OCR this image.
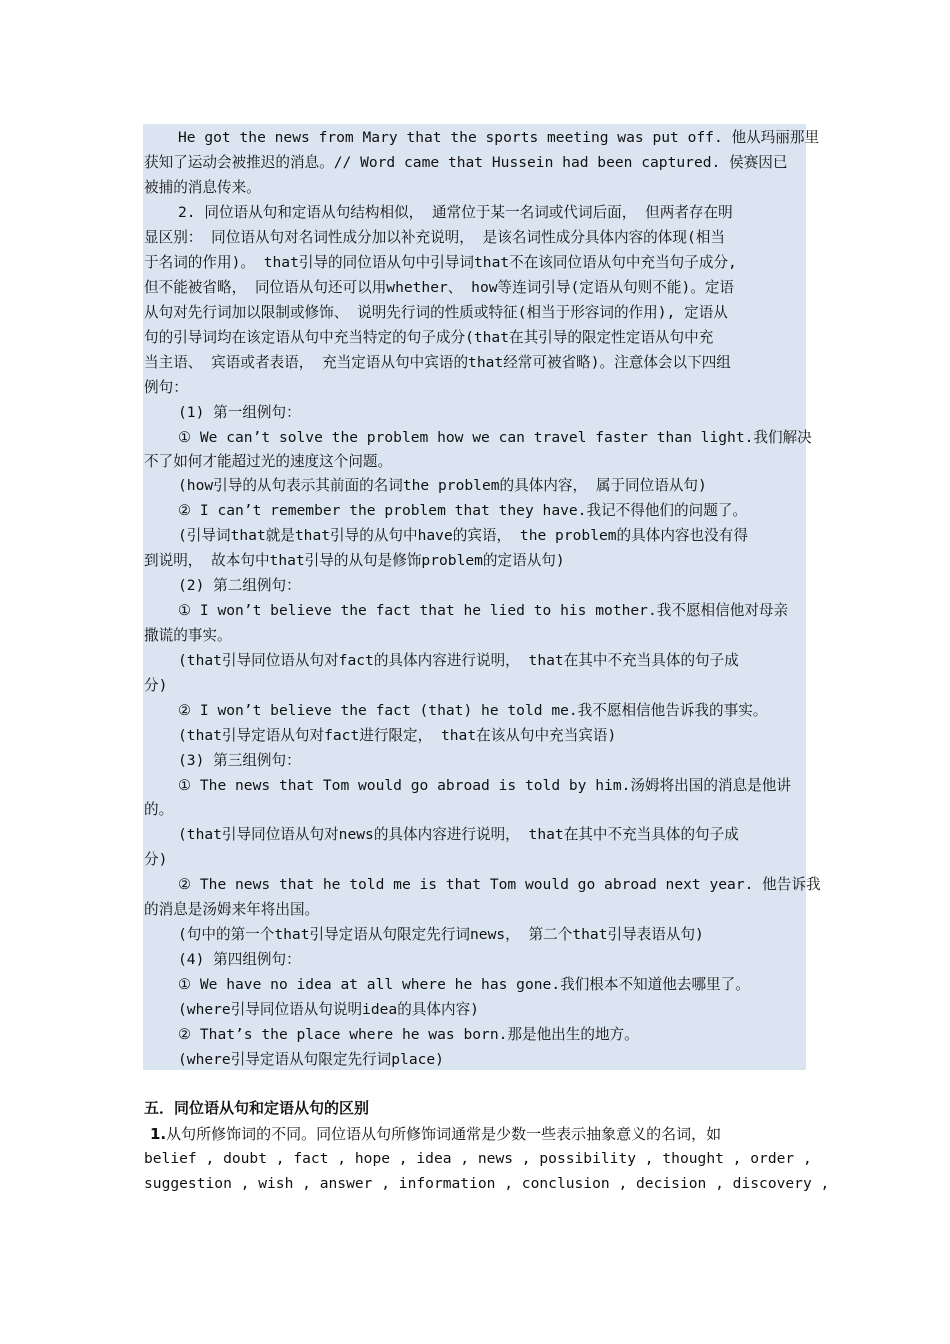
He got the news from Mary that the sports meeting was put off. 他从玛丽那里
获知了运动会被推迟的消息。// Word came that Hussein had been captured. 侯赛因已
被捕的消息传来。
2. 同位语从句和定语从句结构相似， 通常位于某一名词或代词后面， 但两者存在明
显区别： 同位语从句对名词性成分加以补充说明， 是该名词性成分具体内容的体现(相当
于名词的作用)。 that引导的同位语从句中引导词that不在该同位语从句中充当句子成分,
但不能被省略， 同位语从句还可以用whether、 how等连词引导(定语从句则不能)。定语
从句对先行词加以限制或修饰、 说明先行词的性质或特征(相当于形容词的作用), 定语从
句的引导词均在该定语从句中充当特定的句子成分(that在其引导的限定性定语从句中充
当主语、 宾语或者表语， 充当定语从句中宾语的that经常可被省略)。注意体会以下四组
例句：
(1) 第一组例句：
① We can’t solve the problem how we can travel faster than light.我们解决
不了如何才能超过光的速度这个问题。
(how引导的从句表示其前面的名词the problem的具体内容， 属于同位语从句)
② I can’t remember the problem that they have.我记不得他们的问题了。
(引导词that就是that引导的从句中have的宾语， the problem的具体内容也没有得
到说明， 故本句中that引导的从句是修饰problem的定语从句)
(2) 第二组例句：
① I won’t believe the fact that he lied to his mother.我不愿相信他对母亲
撒谎的事实。
(that引导同位语从句对fact的具体内容进行说明， that在其中不充当具体的句子成
分)
② I won’t believe the fact (that) he told me.我不愿相信他告诉我的事实。
(that引导定语从句对fact进行限定， that在该从句中充当宾语)
(3) 第三组例句：
① The news that Tom would go abroad is told by him.汤姆将出国的消息是他讲
的。
(that引导同位语从句对news的具体内容进行说明， that在其中不充当具体的句子成
分)
② The news that he told me is that Tom would go abroad next year. 他告诉我
的消息是汤姆来年将出国。
(句中的第一个that引导定语从句限定先行词news， 第二个that引导表语从句)
(4) 第四组例句：
① We have no idea at all where he has gone.我们根本不知道他去哪里了。
(where引导同位语从句说明idea的具体内容)
② That’s the place where he was born.那是他出生的地方。
(where引导定语从句限定先行词place)
五．同位语从句和定语从句的区别
1.从句所修饰词的不同。同位语从句所修饰词通常是少数一些表示抽象意义的名词，如
belief , doubt , fact , hope , idea , news , possibility , thought , order ,
suggestion , wish , answer , information , conclusion , decision , discovery ,
